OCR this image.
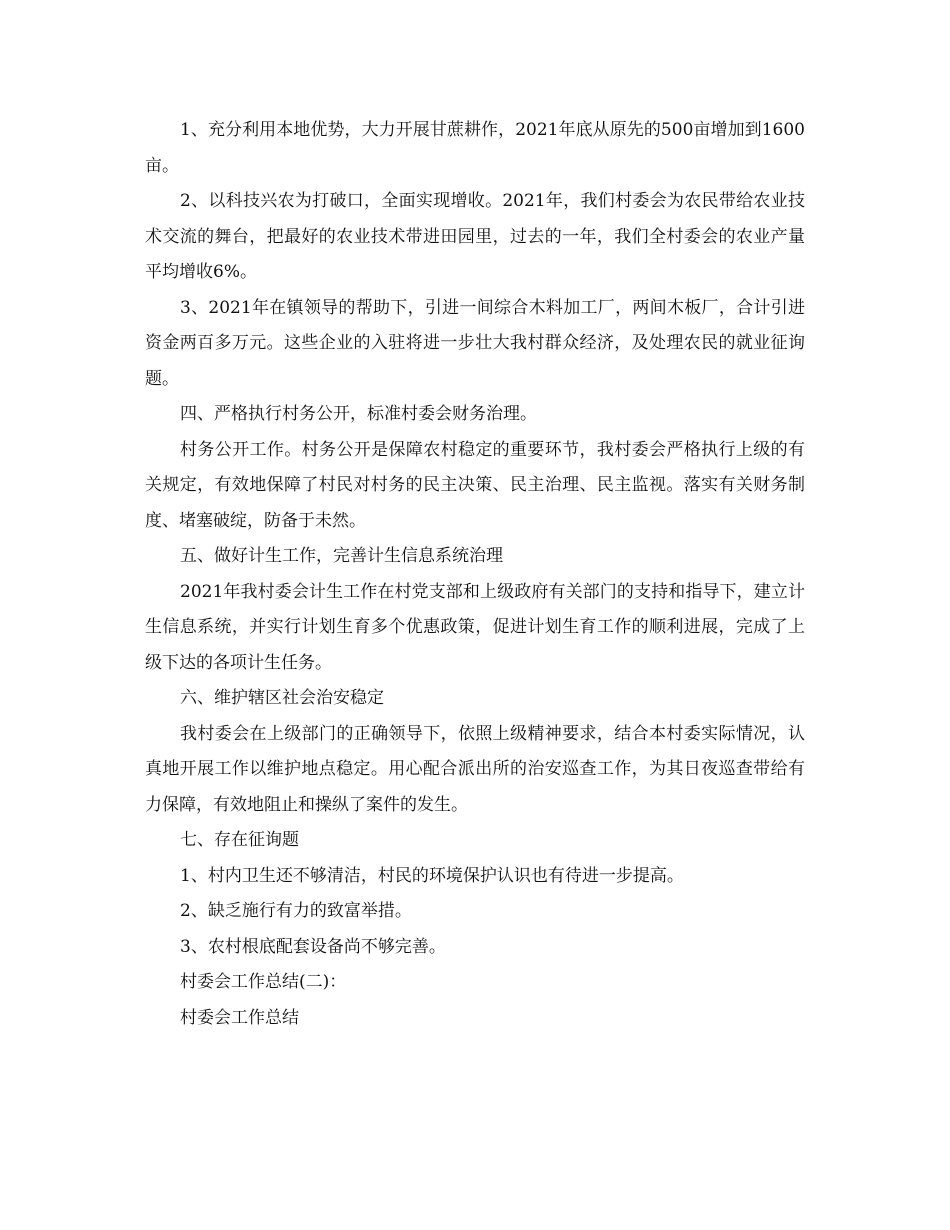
1、充分利用本地优势，大力开展甘蔗耕作，2021年底从原先的500亩增加到1600亩。

2、以科技兴农为打破口，全面实现增收。2021年，我们村委会为农民带给农业技术交流的舞台，把最好的农业技术带进田园里，过去的一年，我们全村委会的农业产量平均增收6%。

3、2021年在镇领导的帮助下，引进一间综合木料加工厂，两间木板厂，合计引进资金两百多万元。这些企业的入驻将进一步壮大我村群众经济，及处理农民的就业征询题。

四、严格执行村务公开，标准村委会财务治理。

村务公开工作。村务公开是保障农村稳定的重要环节，我村委会严格执行上级的有关规定，有效地保障了村民对村务的民主决策、民主治理、民主监视。落实有关财务制度、堵塞破绽，防备于未然。

五、做好计生工作，完善计生信息系统治理

2021年我村委会计生工作在村党支部和上级政府有关部门的支持和指导下，建立计生信息系统，并实行计划生育多个优惠政策，促进计划生育工作的顺利进展，完成了上级下达的各项计生任务。

六、维护辖区社会治安稳定

我村委会在上级部门的正确领导下，依照上级精神要求，结合本村委实际情况，认真地开展工作以维护地点稳定。用心配合派出所的治安巡查工作，为其日夜巡查带给有力保障，有效地阻止和操纵了案件的发生。

七、存在征询题

1、村内卫生还不够清洁，村民的环境保护认识也有待进一步提高。

2、缺乏施行有力的致富举措。

3、农村根底配套设备尚不够完善。

村委会工作总结(二)：

村委会工作总结
